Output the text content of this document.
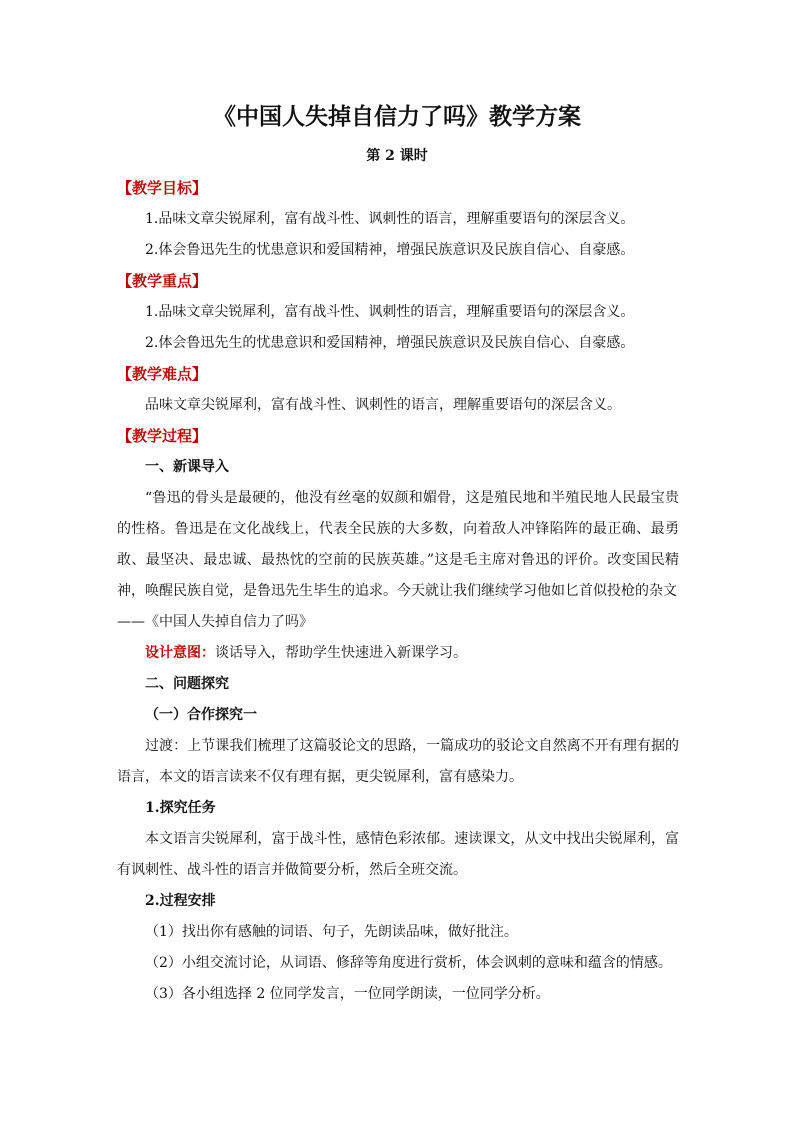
《中国人失掉自信力了吗》教学方案
第 2 课时
【教学目标】

1.品味文章尖锐犀利，富有战斗性、讽刺性的语言，理解重要语句的深层含义。

2.体会鲁迅先生的忧患意识和爱国精神，增强民族意识及民族自信心、自豪感。

【教学重点】

1.品味文章尖锐犀利，富有战斗性、讽刺性的语言，理解重要语句的深层含义。

2.体会鲁迅先生的忧患意识和爱国精神，增强民族意识及民族自信心、自豪感。

【教学难点】

品味文章尖锐犀利，富有战斗性、讽刺性的语言，理解重要语句的深层含义。

【教学过程】

一、新课导入

“鲁迅的骨头是最硬的，他没有丝毫的奴颜和媚骨，这是殖民地和半殖民地人民最宝贵的性格。鲁迅是在文化战线上，代表全民族的大多数，向着敌人冲锋陷阵的最正确、最勇敢、最坚决、最忠诚、最热忱的空前的民族英雄。”这是毛主席对鲁迅的评价。改变国民精神，唤醒民族自觉，是鲁迅先生毕生的追求。今天就让我们继续学习他如匕首似投枪的杂文

——《中国人失掉自信力了吗》

设计意图：谈话导入，帮助学生快速进入新课学习。

二、问题探究

（一）合作探究一

过渡：上节课我们梳理了这篇驳论文的思路，一篇成功的驳论文自然离不开有理有据的语言，本文的语言读来不仅有理有据，更尖锐犀利，富有感染力。

1.探究任务

本文语言尖锐犀利，富于战斗性，感情色彩浓郁。速读课文，从文中找出尖锐犀利，富有讽刺性、战斗性的语言并做简要分析，然后全班交流。

2.过程安排

（1）找出你有感触的词语、句子，先朗读品味，做好批注。

（2）小组交流讨论，从词语、修辞等角度进行赏析，体会讽刺的意味和蕴含的情感。

（3）各小组选择 2 位同学发言，一位同学朗读，一位同学分析。
